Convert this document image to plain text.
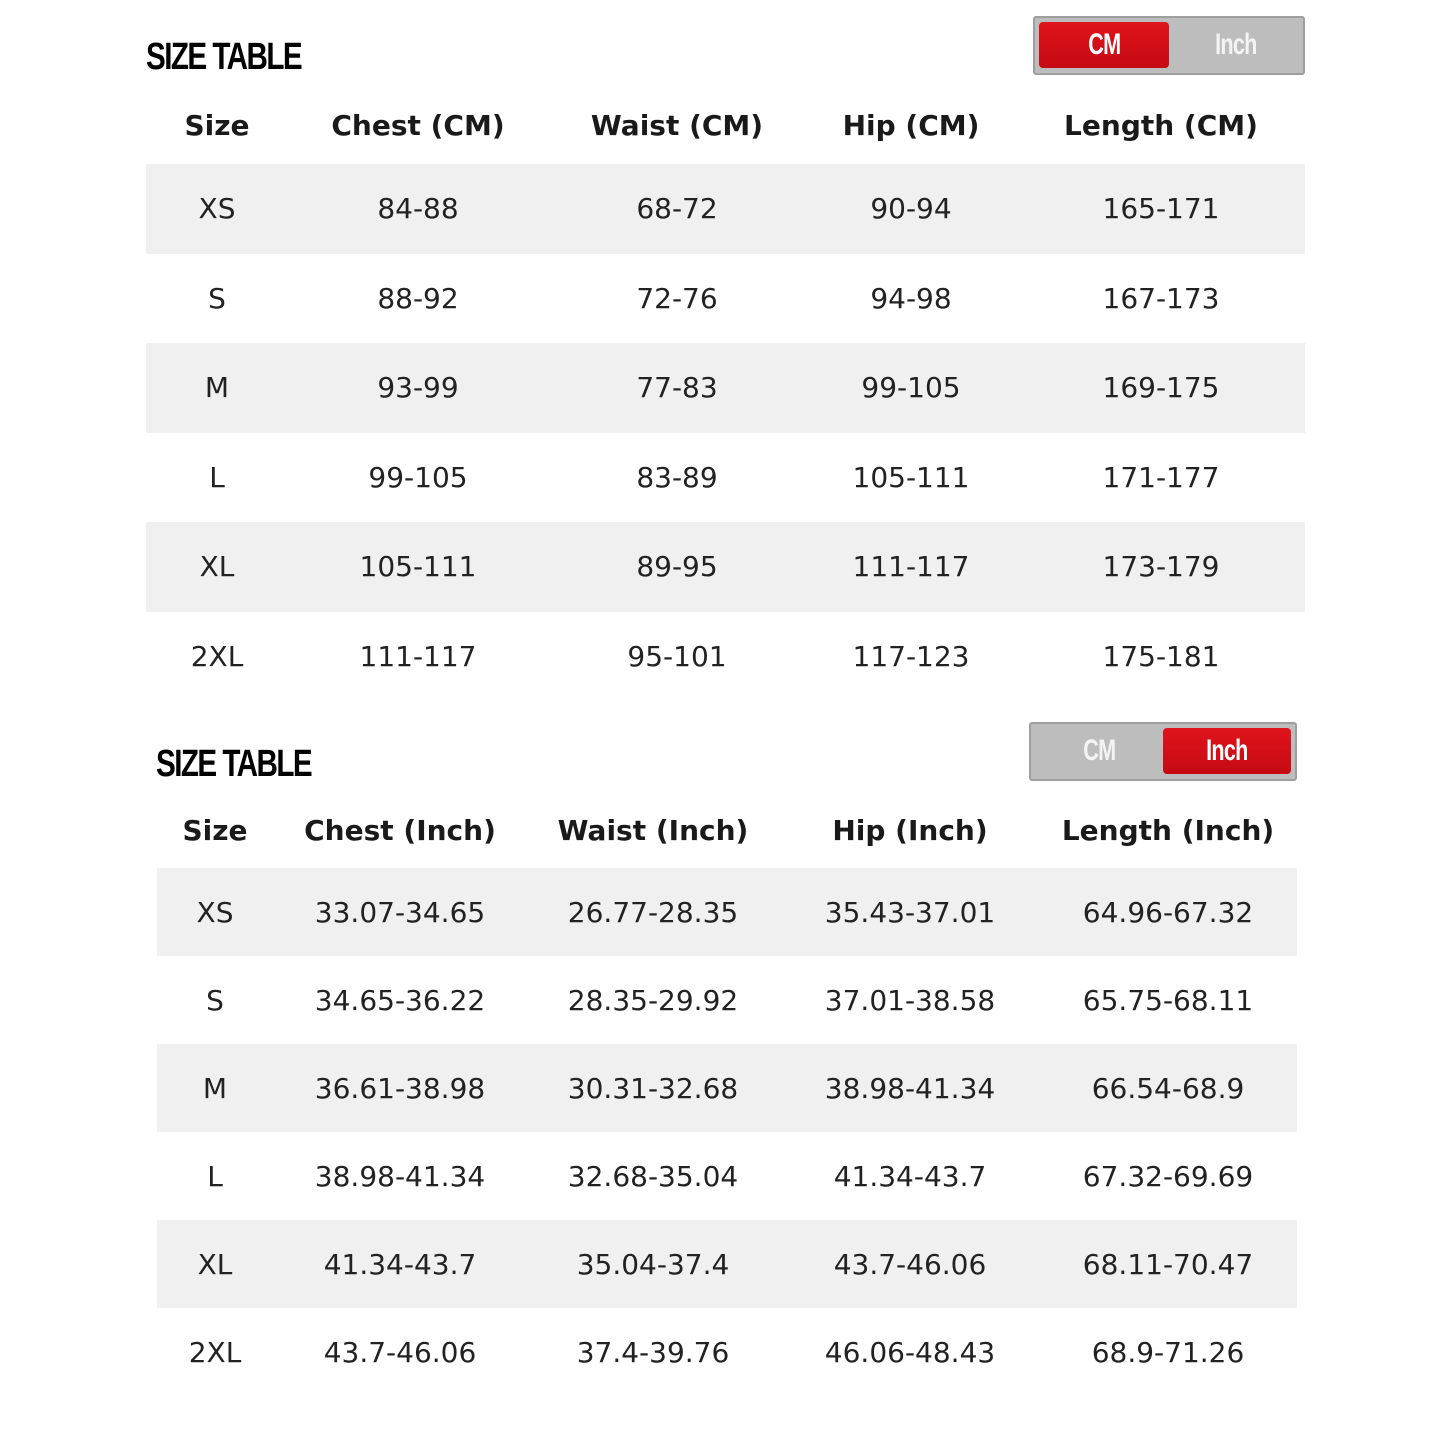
SIZE TABLE	CM	Inch
Size	Chest (CM)	Waist (CM)	Hip (CM)	Length (CM)
XS	84-88	68-72	90-94	165-171
S	88-92	72-76	94-98	167-173
M	93-99	77-83	99-105	169-175
L	99-105	83-89	105-111	171-177
XL	105-111	89-95	111-117	173-179
2XL	111-117	95-101	117-123	175-181
SIZE TABLE	CM	Inch
Size Chest (Inch) Waist (Inch)	Hip (Inch)	Length (Inch)
XS	33.07-34.65	26.77-28.35	35.43-37.01	64.96-67.32
S	34.65-36.22	28.35-29.92	37.01-38.58	65.75-68.11
M	36.61-38.98	30.31-32.68	38.98-41.34	66.54-68.9
L	38.98-41.34	32.68-35.04	41.34-43.7	67.32-69.69
XL	41.34-43.7	35.04-37.4	43.7-46.06	68.11-70.47
2XL	43.7-46.06	37.4-39.76	46.06-48.43	68.9-71.26
